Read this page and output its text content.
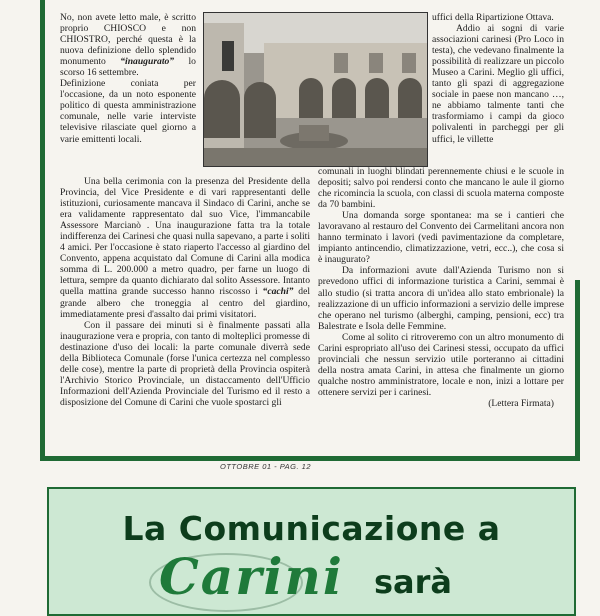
No, non avete letto male, è scritto proprio CHIOSCO e non CHIOSTRO, perché questa è la nuova definizione dello splendido monumento “inaugurato” lo scorso 16 settembre.

Definizione coniata per l'occasione, da un noto esponente politico di questa amministrazione comunale, nelle varie interviste televisive rilasciate quel giorno a varie emittenti locali.

uffici della Ripartizione Ottava.

Addio ai sogni di varie associazioni carinesi (Pro Loco in testa), che vedevano finalmente la possibilità di realizzare un piccolo Museo a Carini. Meglio gli uffici, tanto gli spazi di aggregazione sociale in paese non mancano …, ne abbiamo talmente tanti che trasformiamo i campi da gioco polivalenti in parcheggi per gli uffici, le villette

Una bella cerimonia con la presenza del Presidente della Provincia, del Vice Presidente e di vari rappresentanti delle istituzioni, curiosamente mancava il Sindaco di Carini, anche se era validamente rappresentato dal suo Vice, l'immancabile Assessore Marcianò . Una inaugurazione fatta tra la totale indifferenza dei Carinesi che quasi nulla sapevano, a parte i soliti 4 amici. Per l'occasione è stato riaperto l'accesso al giardino del Convento, appena acquistato dal Comune di Carini alla modica somma di L. 200.000 a metro quadro, per farne un luogo di lettura, sempre da quanto dichiarato dal solito Assessore. Intanto quella mattina grande successo hanno riscosso i “cachi” del grande albero che troneggia al centro del giardino, immediatamente presi d'assalto dai primi visitatori.

Con il passare dei minuti si è finalmente passati alla inaugurazione vera e propria, con tanto di molteplici promesse di destinazione d'uso dei locali: la parte comunale diverrà sede della Biblioteca Comunale (forse l'unica certezza nel complesso delle cose), mentre la parte di proprietà della Provincia ospiterà l'Archivio Storico Provinciale, un distaccamento dell'Ufficio Informazioni dell'Azienda Provinciale del Turismo ed il resto a disposizione del Comune di Carini che vuole spostarci gli

comunali in luoghi blindati perennemente chiusi e le scuole in depositi; salvo poi rendersi conto che mancano le aule il giorno che ricomincia la scuola, con classi di scuola materna composte da 70 bambini.

Una domanda sorge spontanea: ma se i cantieri che lavoravano al restauro del Convento dei Carmelitani ancora non hanno terminato i lavori (vedi pavimentazione da completare, impianto antincendio, climatizzazione, vetri, ecc..), che cosa si è inaugurato?

Da informazioni avute dall'Azienda Turismo non si prevedono uffici di informazione turistica a Carini, semmai è allo studio (si tratta ancora di un'idea allo stato embrionale) la realizzazione di un ufficio informazioni a servizio delle imprese che operano nel turismo (alberghi, camping, pensioni, ecc) tra Balestrate e Isola delle Femmine.

Come al solito ci ritroveremo con un altro monumento di Carini espropriato all'uso dei Carinesi stessi, occupato da uffici provinciali che nessun servizio utile porteranno ai cittadini della nostra amata Carini, in attesa che finalmente un giorno qualche nostro amministratore, locale e non, inizi a lottare per ottenere servizi per i carinesi.

(Lettera Firmata)

OTTOBRE 01 - PAG. 12
La Comunicazione a
Carini sarà
